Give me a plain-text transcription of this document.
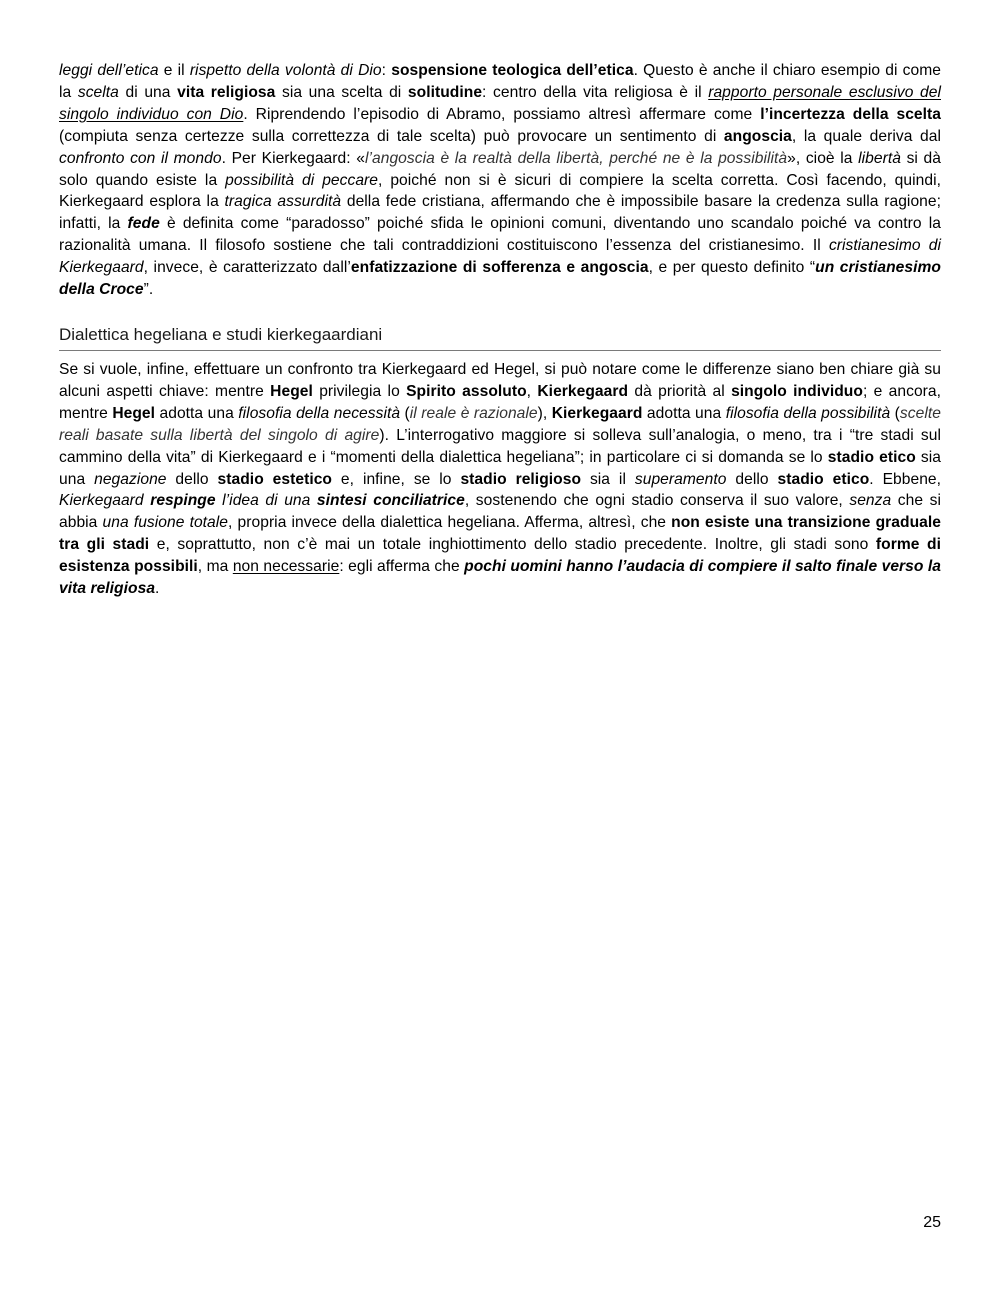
leggi dell’etica e il rispetto della volontà di Dio: sospensione teologica dell’etica. Questo è anche il chiaro esempio di come la scelta di una vita religiosa sia una scelta di solitudine: centro della vita religiosa è il rapporto personale esclusivo del singolo individuo con Dio. Riprendendo l’episodio di Abramo, possiamo altresì affermare come l’incertezza della scelta (compiuta senza certezze sulla correttezza di tale scelta) può provocare un sentimento di angoscia, la quale deriva dal confronto con il mondo. Per Kierkegaard: «l’angoscia è la realtà della libertà, perché ne è la possibilità», cioè la libertà si dà solo quando esiste la possibilità di peccare, poiché non si è sicuri di compiere la scelta corretta. Così facendo, quindi, Kierkegaard esplora la tragica assurdità della fede cristiana, affermando che è impossibile basare la credenza sulla ragione; infatti, la fede è definita come “paradosso” poiché sfida le opinioni comuni, diventando uno scandalo poiché va contro la razionalità umana. Il filosofo sostiene che tali contraddizioni costituiscono l’essenza del cristianesimo. Il cristianesimo di Kierkegaard, invece, è caratterizzato dall’enfatizzazione di sofferenza e angoscia, e per questo definito “un cristianesimo della Croce”.

Dialettica hegeliana e studi kierkegaardiani

Se si vuole, infine, effettuare un confronto tra Kierkegaard ed Hegel, si può notare come le differenze siano ben chiare già su alcuni aspetti chiave: mentre Hegel privilegia lo Spirito assoluto, Kierkegaard dà priorità al singolo individuo; e ancora, mentre Hegel adotta una filosofia della necessità (il reale è razionale), Kierkegaard adotta una filosofia della possibilità (scelte reali basate sulla libertà del singolo di agire). L’interrogativo maggiore si solleva sull’analogia, o meno, tra i “tre stadi sul cammino della vita” di Kierkegaard e i “momenti della dialettica hegeliana”; in particolare ci si domanda se lo stadio etico sia una negazione dello stadio estetico e, infine, se lo stadio religioso sia il superamento dello stadio etico. Ebbene, Kierkegaard respinge l’idea di una sintesi conciliatrice, sostenendo che ogni stadio conserva il suo valore, senza che si abbia una fusione totale, propria invece della dialettica hegeliana. Afferma, altresì, che non esiste una transizione graduale tra gli stadi e, soprattutto, non c’è mai un totale inghiottimento dello stadio precedente. Inoltre, gli stadi sono forme di esistenza possibili, ma non necessarie: egli afferma che pochi uomini hanno l’audacia di compiere il salto finale verso la vita religiosa.

25
